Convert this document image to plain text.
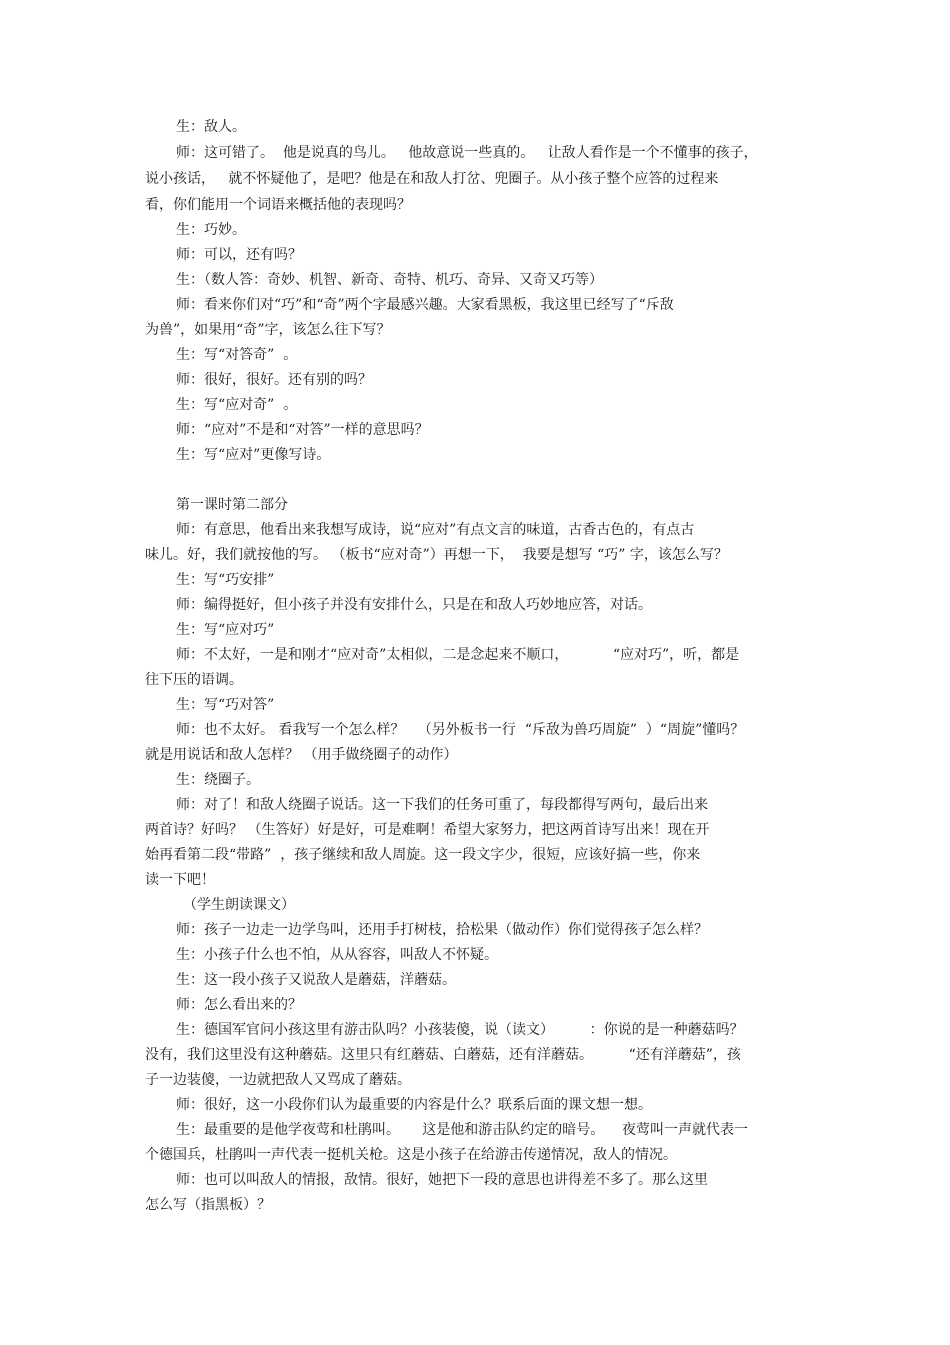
生：敌人。
师：这可错了。  他是说真的鸟儿。   他故意说一些真的。   让敌人看作是一个不懂事的孩子，
说小孩话，   就不怀疑他了，是吧？他是在和敌人打岔、兜圈子。从小孩子整个应答的过程来
看，你们能用一个词语来概括他的表现吗？
生：巧妙。
师：可以，还有吗？
生：（数人答：奇妙、机智、新奇、奇特、机巧、奇异、又奇又巧等）
师：看来你们对“巧”和“奇”两个字最感兴趣。大家看黑板，我这里已经写了“斥敌
为兽”，如果用“奇”字，该怎么往下写？
生：写“对答奇”  。
师：很好，很好。还有别的吗？
生：写“应对奇”  。
师：“应对”不是和“对答”一样的意思吗？
生：写“应对”更像写诗。
第一课时第二部分
师：有意思，他看出来我想写成诗，说“应对”有点文言的味道，古香古色的，有点古
味儿。好，我们就按他的写。 （板书“应对奇”）再想一下，  我要是想写 “巧” 字，该怎么写？
生：写“巧安排”
师：编得挺好，但小孩子并没有安排什么，只是在和敌人巧妙地应答，对话。
生：写“应对巧”
师：不太好，一是和刚才“应对奇”太相似，二是念起来不顺口，          “应对巧”，听，都是
往下压的语调。
生：写“巧对答”
师：也不太好。 看我写一个怎么样？   （另外板书一行  “斥敌为兽巧周旋”  ）“周旋”懂吗？
就是用说话和敌人怎样？ （用手做绕圈子的动作）
生：绕圈子。
师：对了！和敌人绕圈子说话。这一下我们的任务可重了，每段都得写两句，最后出来
两首诗？好吗？ （生答好）好是好，可是难啊！希望大家努力，把这两首诗写出来！现在开
始再看第二段“带路”  ，孩子继续和敌人周旋。这一段文字少，很短，应该好搞一些，你来
读一下吧！
（学生朗读课文）
师：孩子一边走一边学鸟叫，还用手打树枝，拾松果（做动作）你们觉得孩子怎么样？
生：小孩子什么也不怕，从从容容，叫敌人不怀疑。
生：这一段小孩子又说敌人是蘑菇，洋蘑菇。
师：怎么看出来的？
生：德国军官问小孩这里有游击队吗？小孩装傻，说（读文）        ：你说的是一种蘑菇吗？
没有，我们这里没有这种蘑菇。这里只有红蘑菇、白蘑菇，还有洋蘑菇。        “还有洋蘑菇”，孩
子一边装傻，一边就把敌人又骂成了蘑菇。
师：很好，这一小段你们认为最重要的内容是什么？联系后面的课文想一想。
生：最重要的是他学夜莺和杜鹃叫。     这是他和游击队约定的暗号。    夜莺叫一声就代表一
个德国兵，杜鹃叫一声代表一挺机关枪。这是小孩子在给游击传递情况，敌人的情况。
师：也可以叫敌人的情报，敌情。很好，她把下一段的意思也讲得差不多了。那么这里
怎么写（指黑板）？
